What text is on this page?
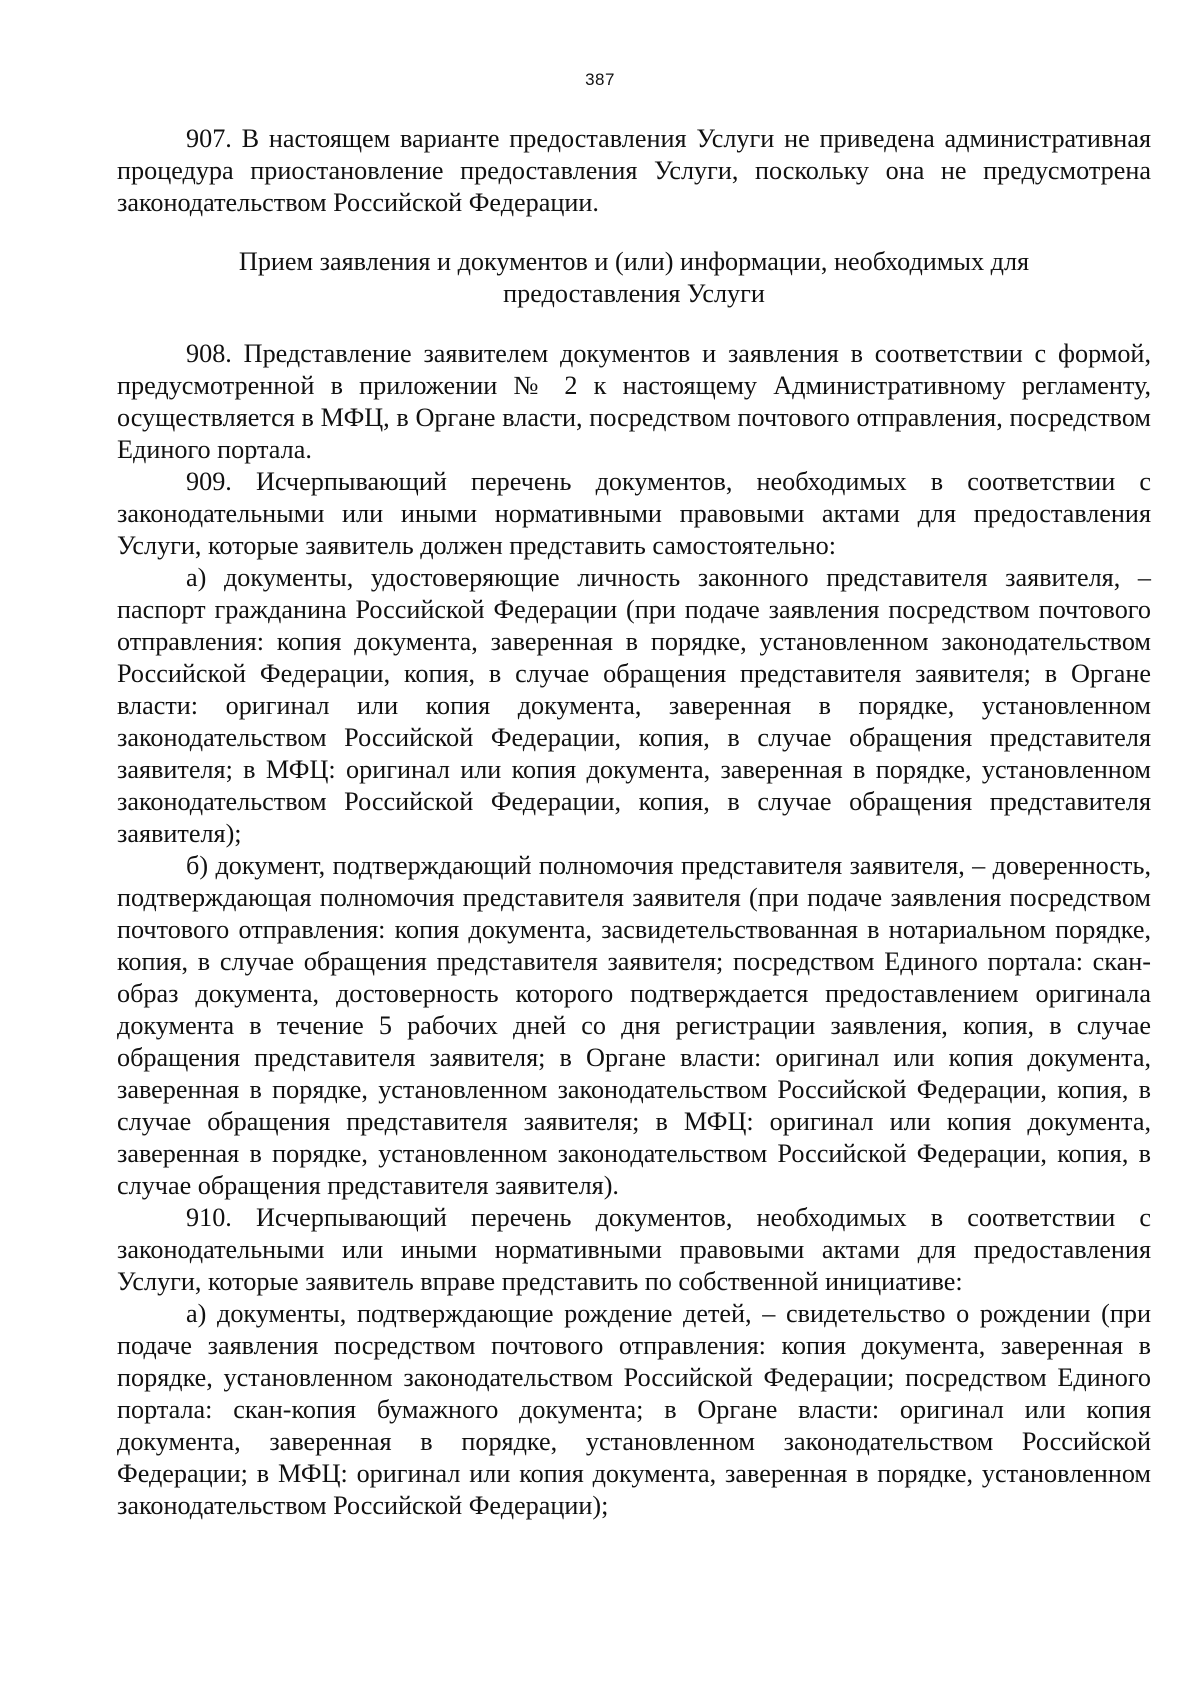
387

907. В настоящем варианте предоставления Услуги не приведена административная процедура приостановление предоставления Услуги, поскольку она не предусмотрена законодательством Российской Федерации.

Прием заявления и документов и (или) информации, необходимых для предоставления Услуги

908. Представление заявителем документов и заявления в соответствии с формой, предусмотренной в приложении № 2 к настоящему Административному регламенту, осуществляется в МФЦ, в Органе власти, посредством почтового отправления, посредством Единого портала.

909. Исчерпывающий перечень документов, необходимых в соответствии с законодательными или иными нормативными правовыми актами для предоставления Услуги, которые заявитель должен представить самостоятельно:

а) документы, удостоверяющие личность законного представителя заявителя, – паспорт гражданина Российской Федерации (при подаче заявления посредством почтового отправления: копия документа, заверенная в порядке, установленном законодательством Российской Федерации, копия, в случае обращения представителя заявителя; в Органе власти: оригинал или копия документа, заверенная в порядке, установленном законодательством Российской Федерации, копия, в случае обращения представителя заявителя; в МФЦ: оригинал или копия документа, заверенная в порядке, установленном законодательством Российской Федерации, копия, в случае обращения представителя заявителя);

б) документ, подтверждающий полномочия представителя заявителя, – доверенность, подтверждающая полномочия представителя заявителя (при подаче заявления посредством почтового отправления: копия документа, засвидетельствованная в нотариальном порядке, копия, в случае обращения представителя заявителя; посредством Единого портала: скан-образ документа, достоверность которого подтверждается предоставлением оригинала документа в течение 5 рабочих дней со дня регистрации заявления, копия, в случае обращения представителя заявителя; в Органе власти: оригинал или копия документа, заверенная в порядке, установленном законодательством Российской Федерации, копия, в случае обращения представителя заявителя; в МФЦ: оригинал или копия документа, заверенная в порядке, установленном законодательством Российской Федерации, копия, в случае обращения представителя заявителя).

910. Исчерпывающий перечень документов, необходимых в соответствии с законодательными или иными нормативными правовыми актами для предоставления Услуги, которые заявитель вправе представить по собственной инициативе:

а) документы, подтверждающие рождение детей, – свидетельство о рождении (при подаче заявления посредством почтового отправления: копия документа, заверенная в порядке, установленном законодательством Российской Федерации; посредством Единого портала: скан-копия бумажного документа; в Органе власти: оригинал или копия документа, заверенная в порядке, установленном законодательством Российской Федерации; в МФЦ: оригинал или копия документа, заверенная в порядке, установленном законодательством Российской Федерации);
